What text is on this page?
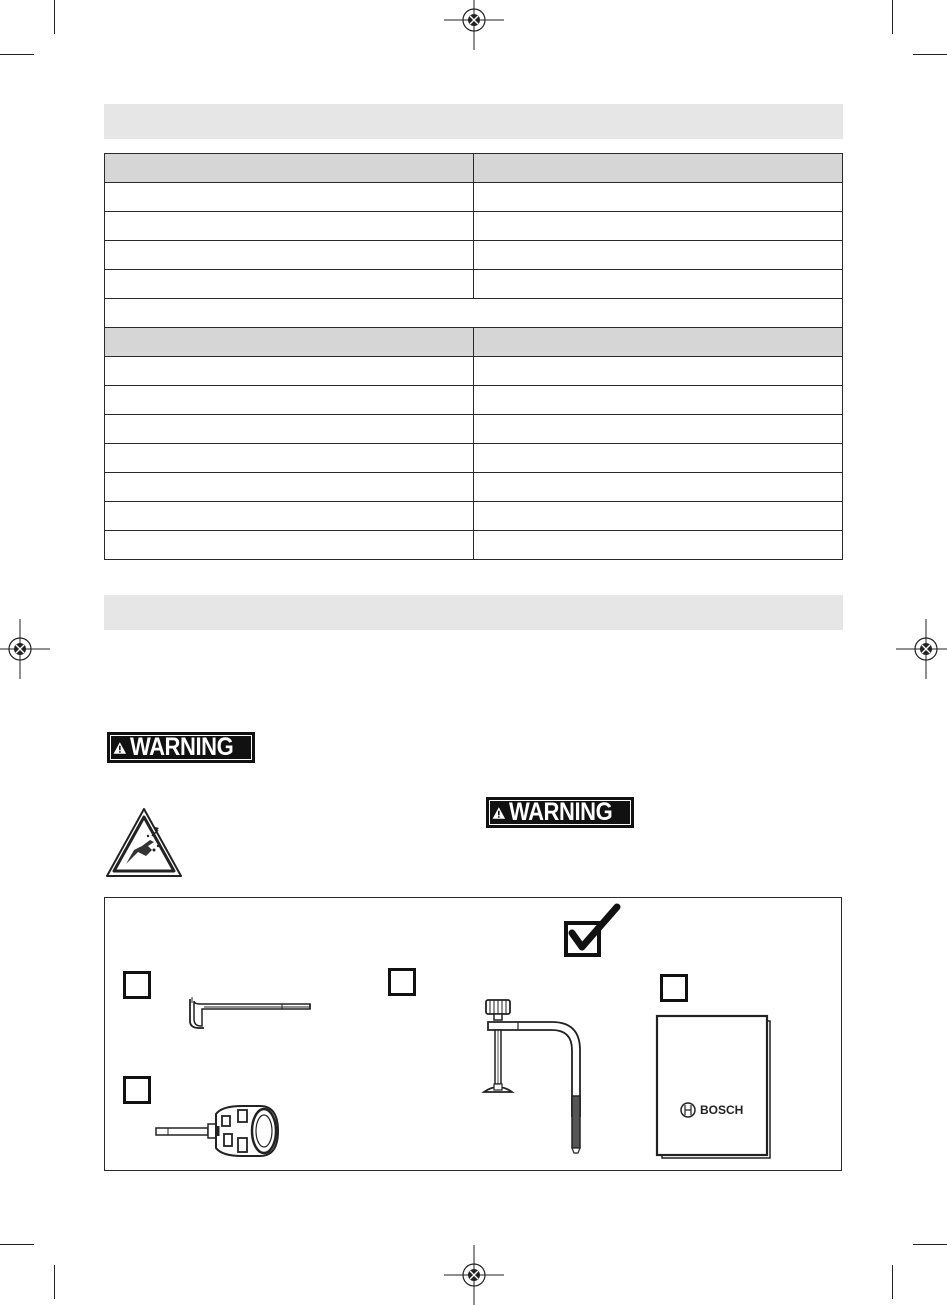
WARNING
WARNING
BOSCH
